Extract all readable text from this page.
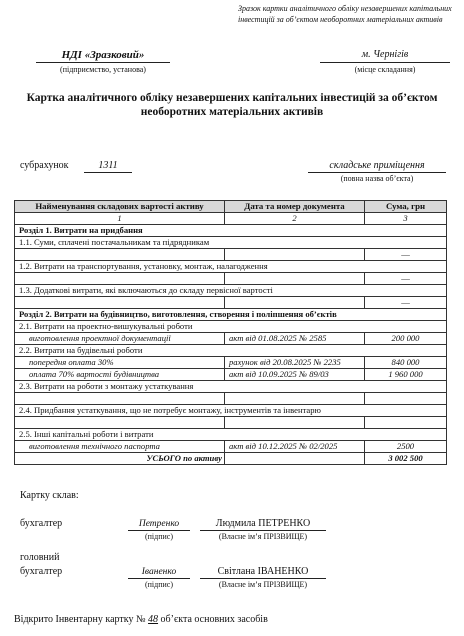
Зразок картки аналітичного обліку незавершених капітальних інвестицій за об’єктом необоротних матеріальних активів
НДІ «Зразковий»
(підприємство, установа)
м. Чернігів
(місце складання)
Картка аналітичного обліку незавершених капітальних інвестицій за об’єктом необоротних матеріальних активів
субрахунок	1311	складське приміщення
(повна назва об’єкта)
Найменування складових вартості активу	Дата та номер документа	Сума, грн
1	2	3
Розділ 1. Витрати на придбання		
1.1. Суми, сплачені постачальникам та підрядникам		
		—
1.2. Витрати на транспортування, установку, монтаж, налагодження		
		—
1.3. Додаткові витрати, які включаються до складу первісної вартості		
		—
Розділ 2. Витрати на будівництво, виготовлення, створення і поліпшення об’єктів		
2.1. Витрати на проектно-вишукувальні роботи		
виготовлення проектної документації	акт від 01.08.2025 № 2585	200 000
2.2. Витрати на будівельні роботи		
попередня оплата 30%	рахунок від 20.08.2025 № 2235	840 000
оплата 70% вартості будівництва	акт від 10.09.2025 № 89/03	1 960 000
2.3. Витрати на роботи з монтажу устаткування		

2.4. Придбання устаткування, що не потребує монтажу, інструментів та інвентарю		

2.5. Інші капітальні роботи і витрати		
виготовлення технічного паспорта	акт від 10.12.2025 № 02/2025	2500
УСЬОГО по активу		3 002 500
Картку склав:
бухгалтер	Петренко	Людмила ПЕТРЕНКО
(підпис)	(Власне ім’я ПРІЗВИЩЕ)
головний
бухгалтер	Іваненко	Світлана ІВАНЕНКО
(підпис)	(Власне ім’я ПРІЗВИЩЕ)
Відкрито Інвентарну картку № 48 об’єкта основних засобів
